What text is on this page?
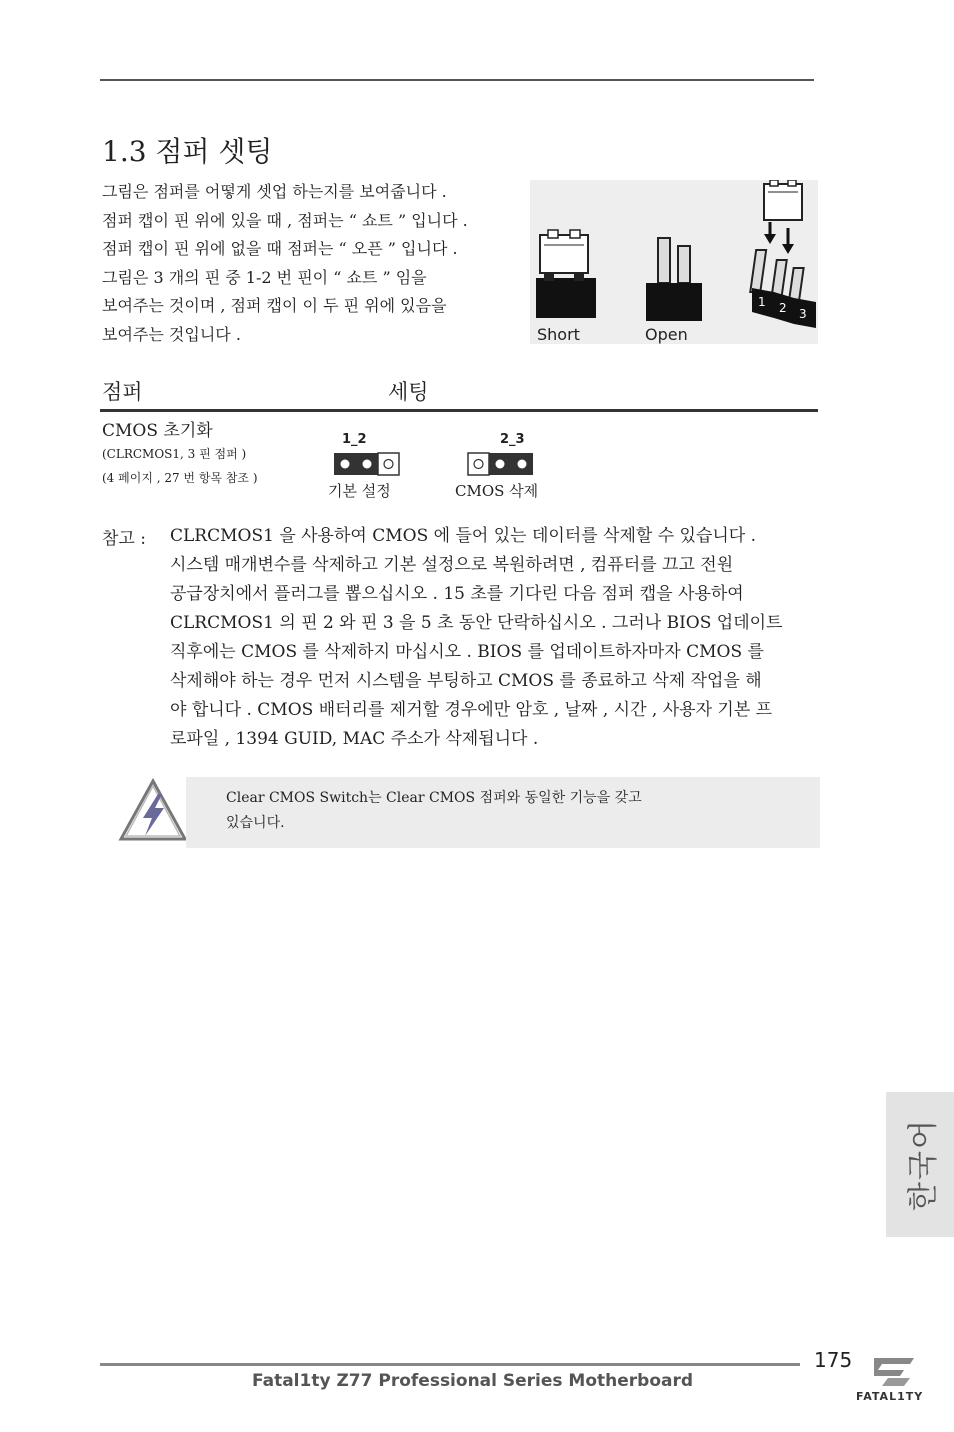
1.3 점퍼 셋팅
그림은 점퍼를 어떻게 셋업 하는지를 보여줍니다 .
점퍼 캡이 핀 위에 있을 때 , 점퍼는 “ 쇼트 ” 입니다 .
점퍼 캡이 핀 위에 없을 때 점퍼는 “ 오픈 ” 입니다 .
그림은 3 개의 핀 중 1-2 번 핀이 “ 쇼트 ” 임을
보여주는 것이며 , 점퍼 캡이 이 두 핀 위에 있음을
보여주는 것입니다 .
1 2 3
Short	Open
점퍼	세팅
CMOS 초기화
(CLRCMOS1, 3 핀 점퍼 )
(4 페이지 , 27 번 항목 참조 )
1_2
기본 설정
2_3
CMOS 삭제
참고 : CLRCMOS1 을 사용하여 CMOS 에 들어 있는 데이터를 삭제할 수 있습니다 .
시스템 매개변수를 삭제하고 기본 설정으로 복원하려면 , 컴퓨터를 끄고 전원
공급장치에서 플러그를 뽑으십시오 . 15 초를 기다린 다음 점퍼 캡을 사용하여
CLRCMOS1 의 핀 2 와 핀 3 을 5 초 동안 단락하십시오 . 그러나 BIOS 업데이트
직후에는 CMOS 를 삭제하지 마십시오 . BIOS 를 업데이트하자마자 CMOS 를
삭제해야 하는 경우 먼저 시스템을 부팅하고 CMOS 를 종료하고 삭제 작업을 해
야 합니다 . CMOS 배터리를 제거할 경우에만 암호 , 날짜 , 시간 , 사용자 기본 프
로파일 , 1394 GUID, MAC 주소가 삭제됩니다 .
Clear CMOS Switch는 Clear CMOS 점퍼와 동일한 기능을 갖고
있습니다.
한국어
175
Fatal1ty Z77 Professional Series Motherboard
FATAL1TY
